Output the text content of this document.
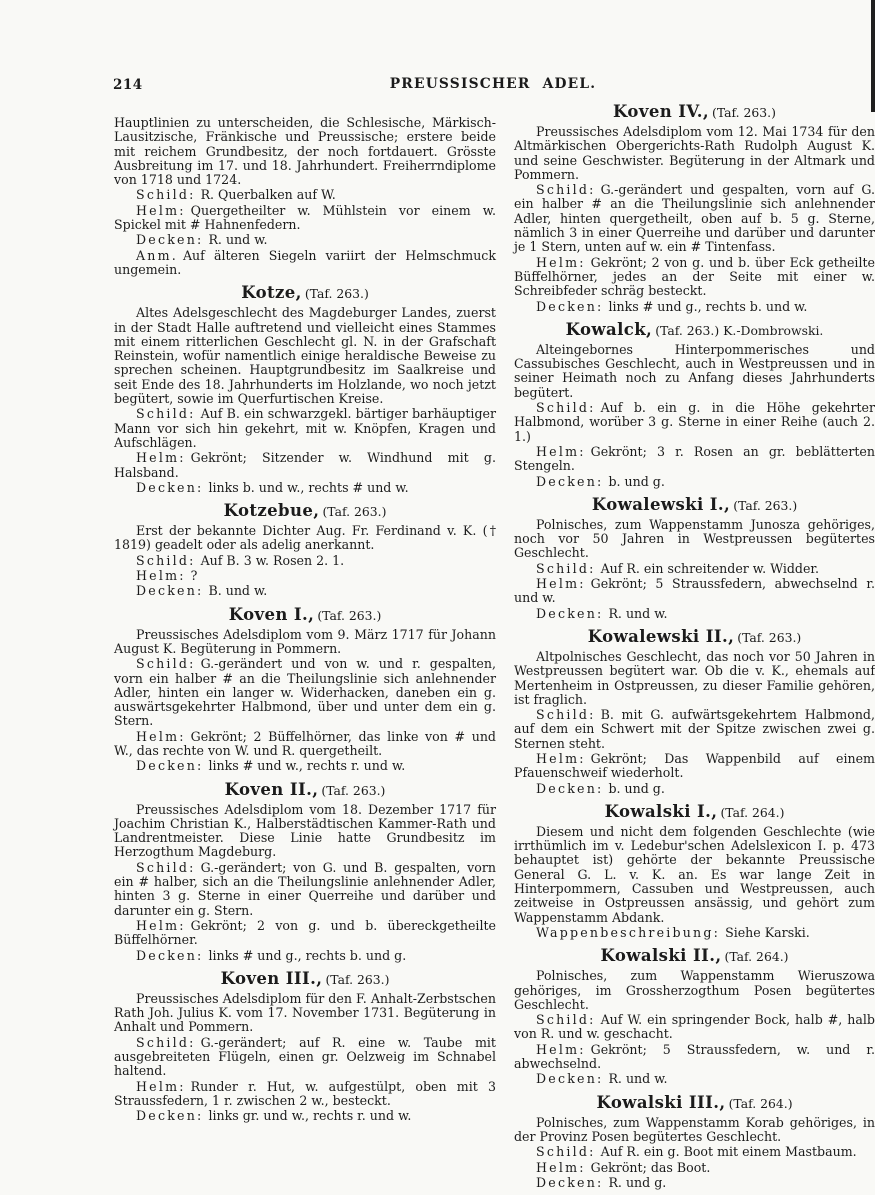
214	PREUSSISCHER ADEL.

Hauptlinien zu unterscheiden, die Schlesische, Märkisch-Lausitzische, Fränkische und Preussische; erstere beide mit reichem Grundbesitz, der noch fortdauert. Grösste Ausbreitung im 17. und 18. Jahrhundert. Freiherrndiplome von 1718 und 1724.

Schild: R. Querbalken auf W.

Helm: Quergetheilter w. Mühlstein vor einem w. Spickel mit # Hahnenfedern.

Decken: R. und w.

Anm. Auf älteren Siegeln variirt der Helmschmuck ungemein.

Kotze, (Taf. 263.)

Altes Adelsgeschlecht des Magdeburger Landes, zuerst in der Stadt Halle auftretend und vielleicht eines Stammes mit einem ritterlichen Geschlecht gl. N. in der Grafschaft Reinstein, wofür namentlich einige heraldische Beweise zu sprechen scheinen. Hauptgrundbesitz im Saalkreise und seit Ende des 18. Jahrhunderts im Holzlande, wo noch jetzt begütert, sowie im Querfurtischen Kreise.

Schild: Auf B. ein schwarzgekl. bärtiger barhäuptiger Mann vor sich hin gekehrt, mit w. Knöpfen, Kragen und Aufschlägen.

Helm: Gekrönt; Sitzender w. Windhund mit g. Halsband.

Decken: links b. und w., rechts # und w.

Kotzebue, (Taf. 263.)

Erst der bekannte Dichter Aug. Fr. Ferdinand v. K. († 1819) geadelt oder als adelig anerkannt.

Schild: Auf B. 3 w. Rosen 2. 1.

Helm: ?

Decken: B. und w.

Koven I., (Taf. 263.)

Preussisches Adelsdiplom vom 9. März 1717 für Johann August K. Begüterung in Pommern.

Schild: G.-gerändert und von w. und r. gespalten, vorn ein halber # an die Theilungslinie sich anlehnender Adler, hinten ein langer w. Widerhacken, daneben ein g. auswärtsgekehrter Halbmond, über und unter dem ein g. Stern.

Helm: Gekrönt; 2 Büffelhörner, das linke von # und W., das rechte von W. und R. quergetheilt.

Decken: links # und w., rechts r. und w.

Koven II., (Taf. 263.)

Preussisches Adelsdiplom vom 18. Dezember 1717 für Joachim Christian K., Halberstädtischen Kammer-Rath und Landrentmeister. Diese Linie hatte Grundbesitz im Herzogthum Magdeburg.

Schild: G.-gerändert; von G. und B. gespalten, vorn ein # halber, sich an die Theilungslinie anlehnender Adler, hinten 3 g. Sterne in einer Querreihe und darüber und darunter ein g. Stern.

Helm: Gekrönt; 2 von g. und b. übereckgetheilte Büffelhörner.

Decken: links # und g., rechts b. und g.

Koven III., (Taf. 263.)

Preussisches Adelsdiplom für den F. Anhalt-Zerbstschen Rath Joh. Julius K. vom 17. November 1731. Begüterung in Anhalt und Pommern.

Schild: G.-gerändert; auf R. eine w. Taube mit ausgebreiteten Flügeln, einen gr. Oelzweig im Schnabel haltend.

Helm: Runder r. Hut, w. aufgestülpt, oben mit 3 Straussfedern, 1 r. zwischen 2 w., besteckt.

Decken: links gr. und w., rechts r. und w.

Koven IV., (Taf. 263.)

Preussisches Adelsdiplom vom 12. Mai 1734 für den Altmärkischen Obergerichts-Rath Rudolph August K. und seine Geschwister. Begüterung in der Altmark und Pommern.

Schild: G.-gerändert und gespalten, vorn auf G. ein halber # an die Theilungslinie sich anlehnender Adler, hinten quergetheilt, oben auf b. 5 g. Sterne, nämlich 3 in einer Querreihe und darüber und darunter je 1 Stern, unten auf w. ein # Tintenfass.

Helm: Gekrönt; 2 von g. und b. über Eck getheilte Büffelhörner, jedes an der Seite mit einer w. Schreibfeder schräg besteckt.

Decken: links # und g., rechts b. und w.

Kowalck, (Taf. 263.) K.-Dombrowski.

Alteingebornes Hinterpommerisches und Cassubisches Geschlecht, auch in Westpreussen und in seiner Heimath noch zu Anfang dieses Jahrhunderts begütert.

Schild: Auf b. ein g. in die Höhe gekehrter Halbmond, worüber 3 g. Sterne in einer Reihe (auch 2. 1.)

Helm: Gekrönt; 3 r. Rosen an gr. beblätterten Stengeln.

Decken: b. und g.

Kowalewski I., (Taf. 263.)

Polnisches, zum Wappenstamm Junosza gehöriges, noch vor 50 Jahren in Westpreussen begütertes Geschlecht.

Schild: Auf R. ein schreitender w. Widder.

Helm: Gekrönt; 5 Straussfedern, abwechselnd r. und w.

Decken: R. und w.

Kowalewski II., (Taf. 263.)

Altpolnisches Geschlecht, das noch vor 50 Jahren in Westpreussen begütert war. Ob die v. K., ehemals auf Mertenheim in Ostpreussen, zu dieser Familie gehören, ist fraglich.

Schild: B. mit G. aufwärtsgekehrtem Halbmond, auf dem ein Schwert mit der Spitze zwischen zwei g. Sternen steht.

Helm: Gekrönt; Das Wappenbild auf einem Pfauenschweif wiederholt.

Decken: b. und g.

Kowalski I., (Taf. 264.)

Diesem und nicht dem folgenden Geschlechte (wie irrthümlich im v. Ledebur'schen Adelslexicon I. p. 473 behauptet ist) gehörte der bekannte Preussische General G. L. v. K. an. Es war lange Zeit in Hinterpommern, Cassuben und Westpreussen, auch zeitweise in Ostpreussen ansässig, und gehört zum Wappenstamm Abdank.

Wappenbeschreibung: Siehe Karski.

Kowalski II., (Taf. 264.)

Polnisches, zum Wappenstamm Wieruszowa gehöriges, im Grossherzogthum Posen begütertes Geschlecht.

Schild: Auf W. ein springender Bock, halb #, halb von R. und w. geschacht.

Helm: Gekrönt; 5 Straussfedern, w. und r. abwechselnd.

Decken: R. und w.

Kowalski III., (Taf. 264.)

Polnisches, zum Wappenstamm Korab gehöriges, in der Provinz Posen begütertes Geschlecht.

Schild: Auf R. ein g. Boot mit einem Mastbaum.

Helm: Gekrönt; das Boot.

Decken: R. und g.
